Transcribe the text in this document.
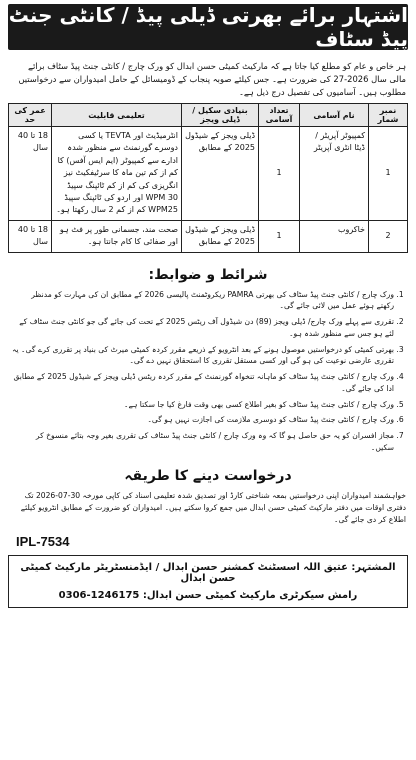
اشتہار برائے بھرتی ڈیلی پیڈ / کانٹی جنٹ پیڈ سٹاف
ہر خاص و عام کو مطلع کیا جاتا ہے کہ مارکیٹ کمیٹی حسن ابدال کو ورک چارج / کانٹی جنٹ پیڈ سٹاف برائے مالی سال 2026-27 کی ضرورت ہے۔ جس کیلئے صوبہ پنجاب کے ڈومیسائل کے حامل امیدواران سے درخواستیں مطلوب ہیں۔ آسامیوں کی تفصیل درج ذیل ہے۔
نمبر شمار	نام آسامی	تعداد آسامی	بنیادی سکیل / ڈیلی ویجز	تعلیمی قابلیت	عمر کی حد
1	کمپیوٹر آپریٹر / ڈیٹا انٹری آپریٹر	1	ڈیلی ویجز کے شیڈول 2025 کے مطابق	انٹرمیڈیٹ اور TEVTA یا کسی دوسرے گورنمنٹ سے منظور شدہ ادارے سے کمپیوٹر (ایم ایس آفس) کا کم از کم تین ماہ کا سرٹیفکیٹ نیز انگریزی کی کم از کم ٹائپنگ سپیڈ WPM 30 اور اردو کی ٹائپنگ سپیڈ WPM25 کم از کم 2 سال رکھتا ہو۔	18 تا 40 سال
2	خاکروب	1	ڈیلی ویجز کے شیڈول 2025 کے مطابق	صحت مند، جسمانی طور پر فٹ ہو اور صفائی کا کام جانتا ہو۔	18 تا 40 سال
شرائط و ضوابط:
1. ورک چارج / کانٹی جنٹ پیڈ سٹاف کی بھرتی PAMRA ریکروٹمنٹ پالیسی 2026 کے مطابق ان کی مہارت کو مدنظر رکھتے ہوئے عمل میں لائی جائے گی۔
2. تقرری سے پہلے ورک چارج/ ڈیلی ویجز (89) دن شیڈول آف ریٹس 2025 کے تحت کی جائے گی جو کانٹی جنٹ سٹاف کے لئے ہو جس سے منظور شدہ ہو۔
3. بھرتی کمیٹی کو درخواستیں موصول ہونے کے بعد انٹرویو کے ذریعے مقرر کردہ کمیٹی میرٹ کی بنیاد پر تقرری کرے گی۔ یہ تقرری عارضی نوعیت کی ہو گی اور کسی مستقل تقرری کا استحقاق نہیں دے گی۔
4. ورک چارج / کانٹی جنٹ پیڈ سٹاف کو ماہانہ تنخواہ گورنمنٹ کے مقرر کردہ ریٹس ڈیلی ویجز کے شیڈول 2025 کے مطابق ادا کی جائے گی۔
5. ورک چارج / کانٹی جنٹ پیڈ سٹاف کو بغیر اطلاع کسی بھی وقت فارغ کیا جا سکتا ہے۔
6. ورک چارج / کانٹی جنٹ پیڈ سٹاف کو دوسری ملازمت کی اجازت نہیں ہو گی۔
7. مجاز افسران کو یہ حق حاصل ہو گا کہ وہ ورک چارج / کانٹی جنٹ پیڈ سٹاف کی تقرری بغیر وجہ بتائے منسوخ کر سکیں۔
درخواست دینے کا طریقہ
خواہشمند امیدواران اپنی درخواستیں بمعہ شناختی کارڈ اور تصدیق شدہ تعلیمی اسناد کی کاپی مورخہ 30-07-2026 تک دفتری اوقات میں دفتر مارکیٹ کمیٹی حسن ابدال میں جمع کروا سکتے ہیں۔ امیدواران کو ضرورت کے مطابق انٹرویو کیلئے اطلاع کر دی جائے گی۔
IPL-7534
المشتہر: عتیق اللہ اسسٹنٹ کمشنر حسن ابدال / ایڈمنسٹریٹر مارکیٹ کمیٹی حسن ابدال
رامش سیکرٹری مارکیٹ کمیٹی حسن ابدال: 0306-1246175
